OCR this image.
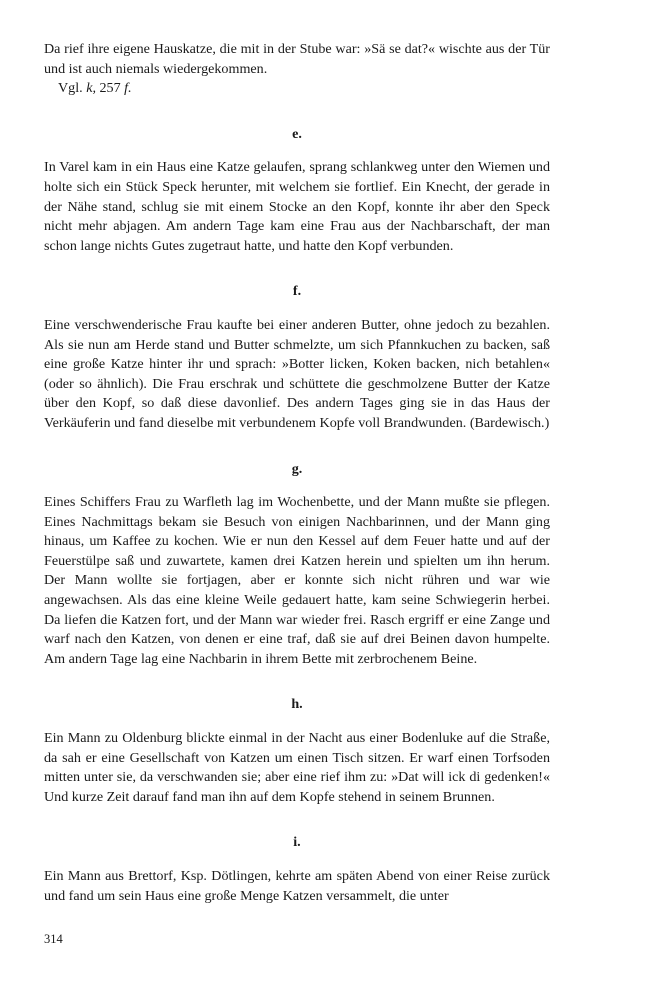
Da rief ihre eigene Hauskatze, die mit in der Stube war: »Sä se dat?« wischte aus der Tür und ist auch niemals wiedergekommen.

Vgl. k, 257 f.

e.

In Varel kam in ein Haus eine Katze gelaufen, sprang schlankweg unter den Wiemen und holte sich ein Stück Speck herunter, mit welchem sie fortlief. Ein Knecht, der gerade in der Nähe stand, schlug sie mit einem Stocke an den Kopf, konnte ihr aber den Speck nicht mehr abjagen. Am andern Tage kam eine Frau aus der Nachbarschaft, der man schon lange nichts Gutes zugetraut hatte, und hatte den Kopf verbunden.

f.

Eine verschwenderische Frau kaufte bei einer anderen Butter, ohne jedoch zu bezahlen. Als sie nun am Herde stand und Butter schmelzte, um sich Pfannkuchen zu backen, saß eine große Katze hinter ihr und sprach: »Botter licken, Koken backen, nich betahlen« (oder so ähnlich). Die Frau erschrak und schüttete die geschmolzene Butter der Katze über den Kopf, so daß diese davonlief. Des andern Tages ging sie in das Haus der Verkäuferin und fand dieselbe mit verbundenem Kopfe voll Brandwunden. (Bardewisch.)

g.

Eines Schiffers Frau zu Warfleth lag im Wochenbette, und der Mann mußte sie pflegen. Eines Nachmittags bekam sie Besuch von einigen Nachbarinnen, und der Mann ging hinaus, um Kaffee zu kochen. Wie er nun den Kessel auf dem Feuer hatte und auf der Feuerstülpe saß und zuwartete, kamen drei Katzen herein und spielten um ihn herum. Der Mann wollte sie fortjagen, aber er konnte sich nicht rühren und war wie angewachsen. Als das eine kleine Weile gedauert hatte, kam seine Schwiegerin herbei. Da liefen die Katzen fort, und der Mann war wieder frei. Rasch ergriff er eine Zange und warf nach den Katzen, von denen er eine traf, daß sie auf drei Beinen davon humpelte. Am andern Tage lag eine Nachbarin in ihrem Bette mit zerbrochenem Beine.

h.

Ein Mann zu Oldenburg blickte einmal in der Nacht aus einer Bodenluke auf die Straße, da sah er eine Gesellschaft von Katzen um einen Tisch sitzen. Er warf einen Torfsoden mitten unter sie, da verschwanden sie; aber eine rief ihm zu: »Dat will ick di gedenken!« Und kurze Zeit darauf fand man ihn auf dem Kopfe stehend in seinem Brunnen.

i.

Ein Mann aus Brettorf, Ksp. Dötlingen, kehrte am späten Abend von einer Reise zurück und fand um sein Haus eine große Menge Katzen versammelt, die unter

314
